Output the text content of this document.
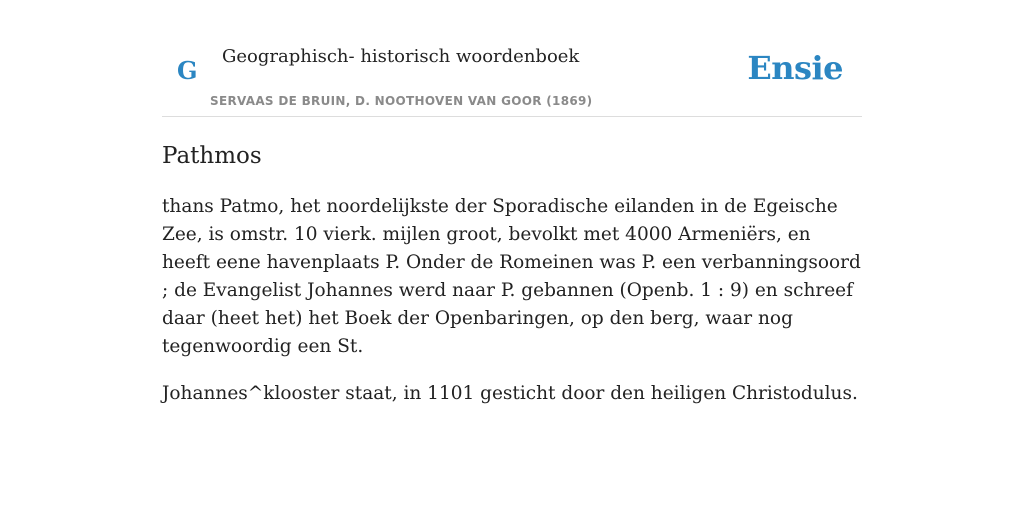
G Geographisch- historisch woordenboek
SERVAAS DE BRUIN, D. NOOTHOVEN VAN GOOR (1869)
Ensie
Pathmos

thans Patmo, het noordelijkste der Sporadische eilanden in de Egeische Zee, is omstr. 10 vierk. mijlen groot, bevolkt met 4000 Armeniërs, en heeft eene havenplaats P. Onder de Romeinen was P. een verbanningsoord ; de Evangelist Johannes werd naar P. gebannen (Openb. 1 : 9) en schreef daar (heet het) het Boek der Openbaringen, op den berg, waar nog tegenwoordig een St.

Johannes^klooster staat, in 1101 gesticht door den heiligen Christodulus.
